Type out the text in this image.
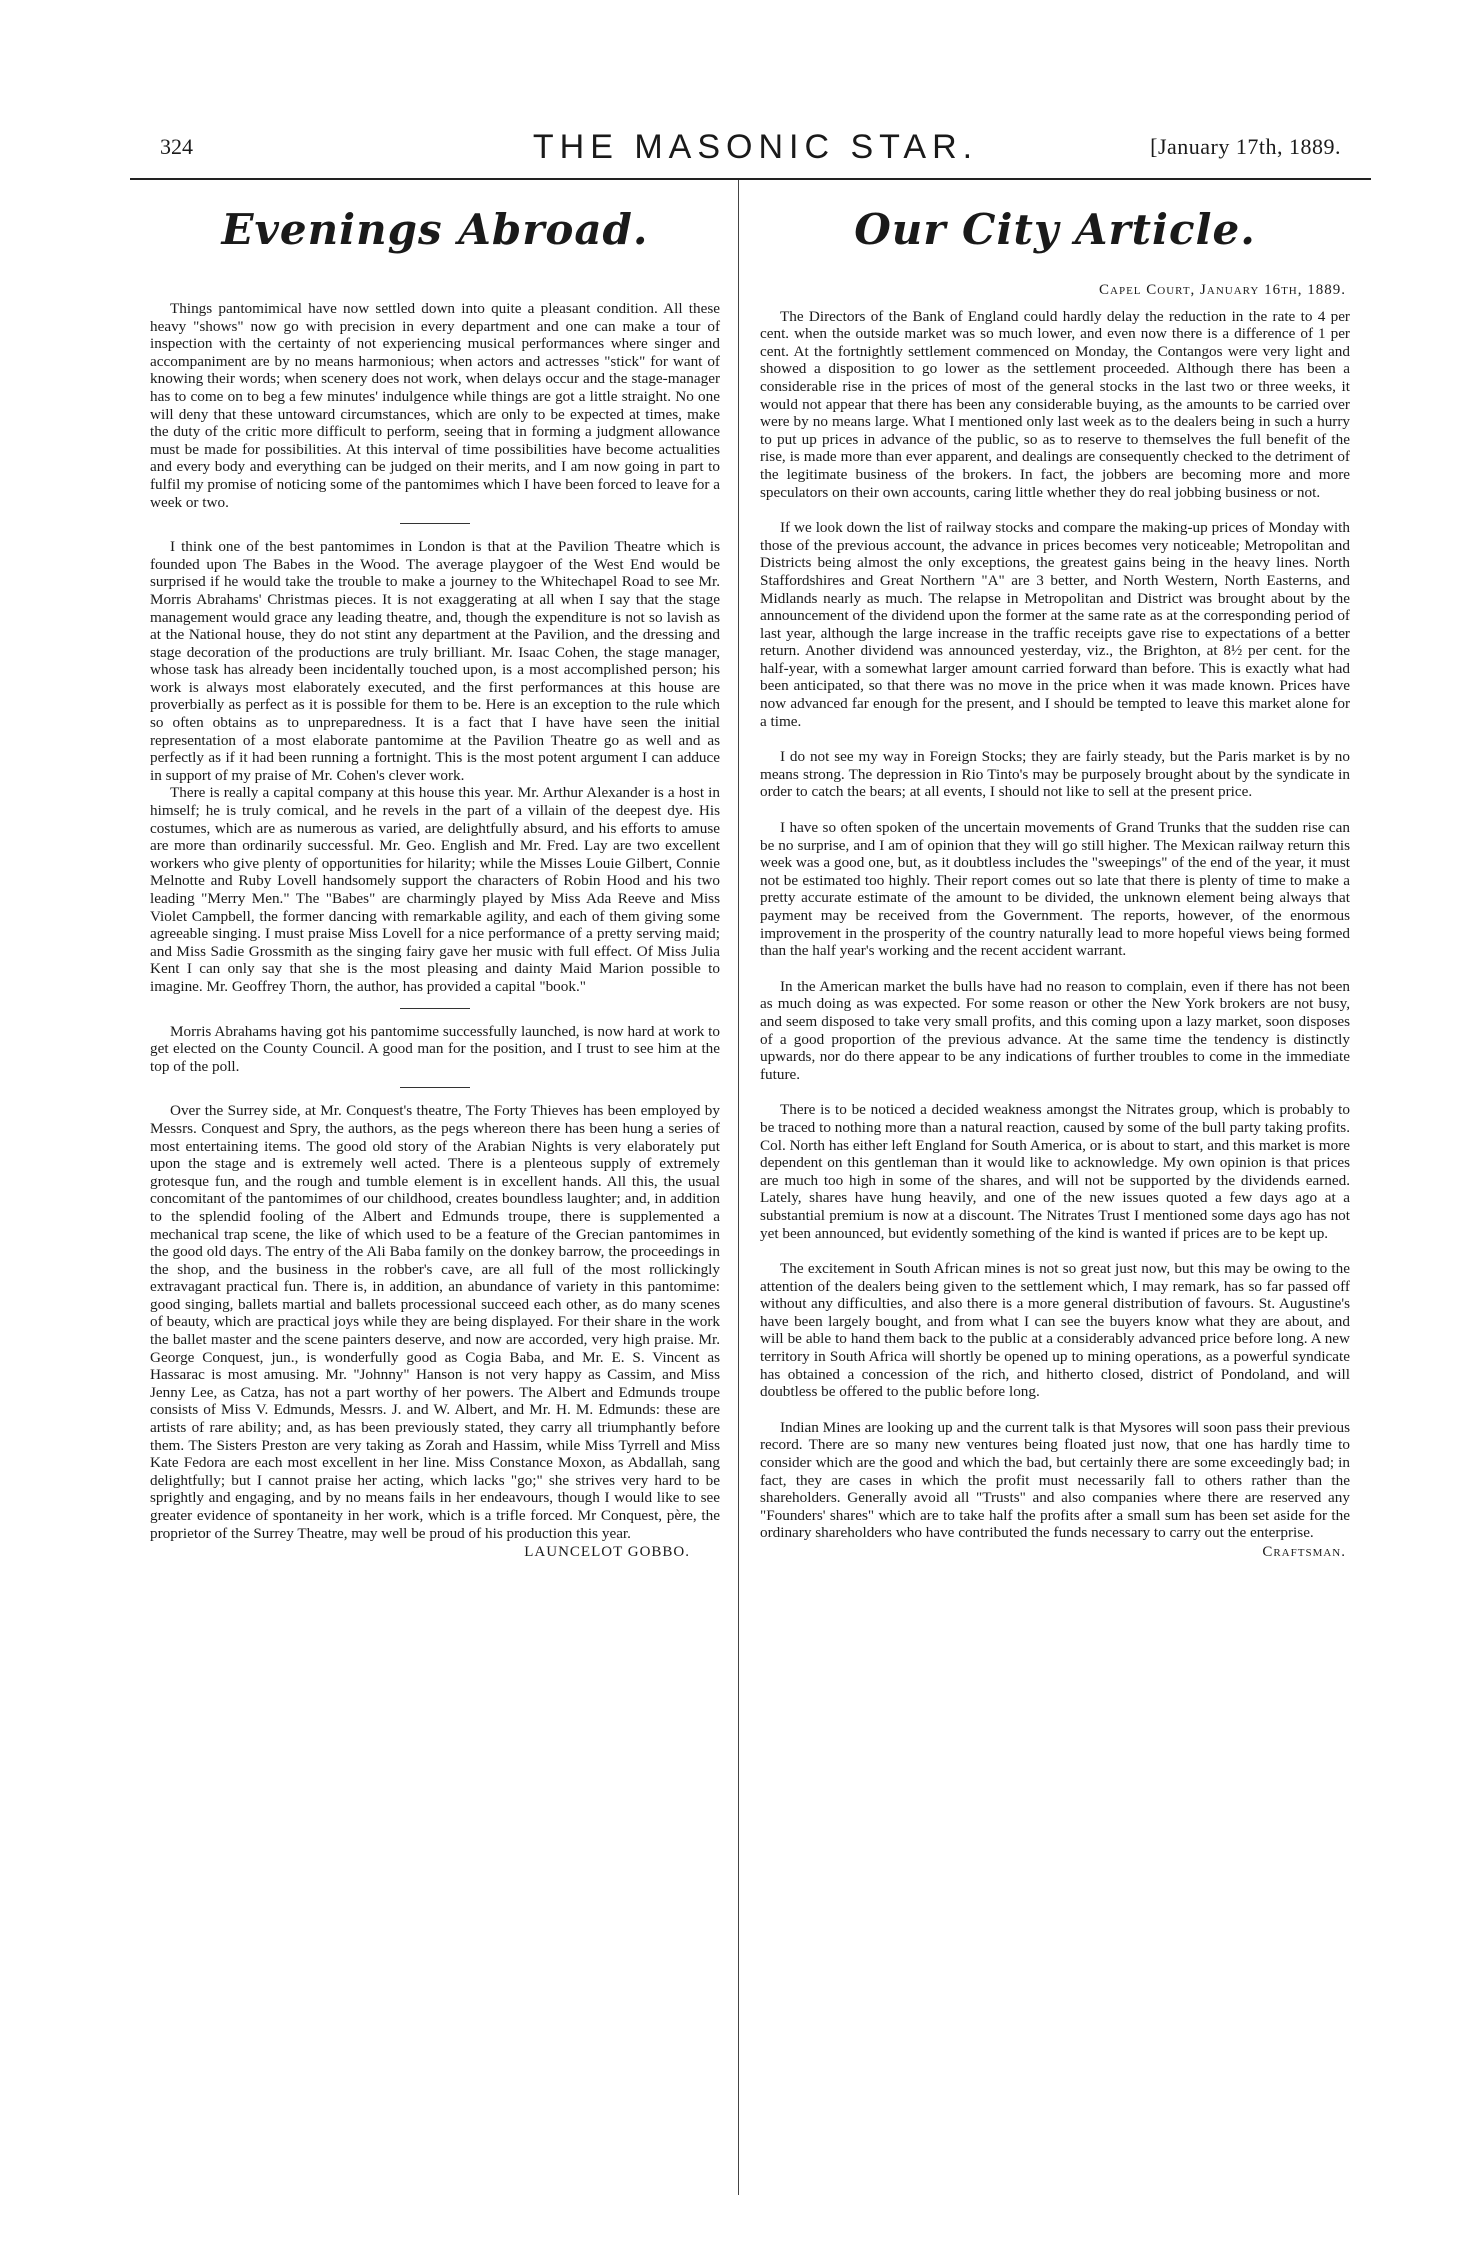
324	THE MASONIC STAR.	[January 17th, 1889.
Evenings Abroad.

Things pantomimical have now settled down into quite a pleasant condition. All these heavy "shows" now go with precision in every department and one can make a tour of inspection with the certainty of not experiencing musical performances where singer and accompaniment are by no means harmonious; when actors and actresses "stick" for want of knowing their words; when scenery does not work, when delays occur and the stage-manager has to come on to beg a few minutes' indulgence while things are got a little straight. No one will deny that these untoward circumstances, which are only to be expected at times, make the duty of the critic more difficult to perform, seeing that in forming a judgment allowance must be made for possibilities. At this interval of time possibilities have become actualities and every body and everything can be judged on their merits, and I am now going in part to fulfil my promise of noticing some of the pantomimes which I have been forced to leave for a week or two.

I think one of the best pantomimes in London is that at the Pavilion Theatre which is founded upon The Babes in the Wood. The average playgoer of the West End would be surprised if he would take the trouble to make a journey to the Whitechapel Road to see Mr. Morris Abrahams' Christmas pieces. It is not exaggerating at all when I say that the stage management would grace any leading theatre, and, though the expenditure is not so lavish as at the National house, they do not stint any department at the Pavilion, and the dressing and stage decoration of the productions are truly brilliant. Mr. Isaac Cohen, the stage manager, whose task has already been incidentally touched upon, is a most accomplished person; his work is always most elaborately executed, and the first performances at this house are proverbially as perfect as it is possible for them to be. Here is an exception to the rule which so often obtains as to unpreparedness. It is a fact that I have have seen the initial representation of a most elaborate pantomime at the Pavilion Theatre go as well and as perfectly as if it had been running a fortnight. This is the most potent argument I can adduce in support of my praise of Mr. Cohen's clever work.

There is really a capital company at this house this year. Mr. Arthur Alexander is a host in himself; he is truly comical, and he revels in the part of a villain of the deepest dye. His costumes, which are as numerous as varied, are delightfully absurd, and his efforts to amuse are more than ordinarily successful. Mr. Geo. English and Mr. Fred. Lay are two excellent workers who give plenty of opportunities for hilarity; while the Misses Louie Gilbert, Connie Melnotte and Ruby Lovell handsomely support the characters of Robin Hood and his two leading "Merry Men." The "Babes" are charmingly played by Miss Ada Reeve and Miss Violet Campbell, the former dancing with remarkable agility, and each of them giving some agreeable singing. I must praise Miss Lovell for a nice performance of a pretty serving maid; and Miss Sadie Grossmith as the singing fairy gave her music with full effect. Of Miss Julia Kent I can only say that she is the most pleasing and dainty Maid Marion possible to imagine. Mr. Geoffrey Thorn, the author, has provided a capital "book."

Morris Abrahams having got his pantomime successfully launched, is now hard at work to get elected on the County Council. A good man for the position, and I trust to see him at the top of the poll.

Over the Surrey side, at Mr. Conquest's theatre, The Forty Thieves has been employed by Messrs. Conquest and Spry, the authors, as the pegs whereon there has been hung a series of most entertaining items. The good old story of the Arabian Nights is very elaborately put upon the stage and is extremely well acted. There is a plenteous supply of extremely grotesque fun, and the rough and tumble element is in excellent hands. All this, the usual concomitant of the pantomimes of our childhood, creates boundless laughter; and, in addition to the splendid fooling of the Albert and Edmunds troupe, there is supplemented a mechanical trap scene, the like of which used to be a feature of the Grecian pantomimes in the good old days. The entry of the Ali Baba family on the donkey barrow, the proceedings in the shop, and the business in the robber's cave, are all full of the most rollickingly extravagant practical fun. There is, in addition, an abundance of variety in this pantomime: good singing, ballets martial and ballets processional succeed each other, as do many scenes of beauty, which are practical joys while they are being displayed. For their share in the work the ballet master and the scene painters deserve, and now are accorded, very high praise. Mr. George Conquest, jun., is wonderfully good as Cogia Baba, and Mr. E. S. Vincent as Hassarac is most amusing. Mr. "Johnny" Hanson is not very happy as Cassim, and Miss Jenny Lee, as Catza, has not a part worthy of her powers. The Albert and Edmunds troupe consists of Miss V. Edmunds, Messrs. J. and W. Albert, and Mr. H. M. Edmunds: these are artists of rare ability; and, as has been previously stated, they carry all triumphantly before them. The Sisters Preston are very taking as Zorah and Hassim, while Miss Tyrrell and Miss Kate Fedora are each most excellent in her line. Miss Constance Moxon, as Abdallah, sang delightfully; but I cannot praise her acting, which lacks "go;" she strives very hard to be sprightly and engaging, and by no means fails in her endeavours, though I would like to see greater evidence of spontaneity in her work, which is a trifle forced. Mr Conquest, père, the proprietor of the Surrey Theatre, may well be proud of his production this year.

LAUNCELOT GOBBO.
Our City Article.
Capel Court, January 16th, 1889.

The Directors of the Bank of England could hardly delay the reduction in the rate to 4 per cent. when the outside market was so much lower, and even now there is a difference of 1 per cent. At the fortnightly settlement commenced on Monday, the Contangos were very light and showed a disposition to go lower as the settlement proceeded. Although there has been a considerable rise in the prices of most of the general stocks in the last two or three weeks, it would not appear that there has been any considerable buying, as the amounts to be carried over were by no means large. What I mentioned only last week as to the dealers being in such a hurry to put up prices in advance of the public, so as to reserve to themselves the full benefit of the rise, is made more than ever apparent, and dealings are consequently checked to the detriment of the legitimate business of the brokers. In fact, the jobbers are becoming more and more speculators on their own accounts, caring little whether they do real jobbing business or not.

If we look down the list of railway stocks and compare the making-up prices of Monday with those of the previous account, the advance in prices becomes very noticeable; Metropolitan and Districts being almost the only exceptions, the greatest gains being in the heavy lines. North Staffordshires and Great Northern "A" are 3 better, and North Western, North Easterns, and Midlands nearly as much. The relapse in Metropolitan and District was brought about by the announcement of the dividend upon the former at the same rate as at the corresponding period of last year, although the large increase in the traffic receipts gave rise to expectations of a better return. Another dividend was announced yesterday, viz., the Brighton, at 8½ per cent. for the half-year, with a somewhat larger amount carried forward than before. This is exactly what had been anticipated, so that there was no move in the price when it was made known. Prices have now advanced far enough for the present, and I should be tempted to leave this market alone for a time.

I do not see my way in Foreign Stocks; they are fairly steady, but the Paris market is by no means strong. The depression in Rio Tinto's may be purposely brought about by the syndicate in order to catch the bears; at all events, I should not like to sell at the present price.

I have so often spoken of the uncertain movements of Grand Trunks that the sudden rise can be no surprise, and I am of opinion that they will go still higher. The Mexican railway return this week was a good one, but, as it doubtless includes the "sweepings" of the end of the year, it must not be estimated too highly. Their report comes out so late that there is plenty of time to make a pretty accurate estimate of the amount to be divided, the unknown element being always that payment may be received from the Government. The reports, however, of the enormous improvement in the prosperity of the country naturally lead to more hopeful views being formed than the half year's working and the recent accident warrant.

In the American market the bulls have had no reason to complain, even if there has not been as much doing as was expected. For some reason or other the New York brokers are not busy, and seem disposed to take very small profits, and this coming upon a lazy market, soon disposes of a good proportion of the previous advance. At the same time the tendency is distinctly upwards, nor do there appear to be any indications of further troubles to come in the immediate future.

There is to be noticed a decided weakness amongst the Nitrates group, which is probably to be traced to nothing more than a natural reaction, caused by some of the bull party taking profits. Col. North has either left England for South America, or is about to start, and this market is more dependent on this gentleman than it would like to acknowledge. My own opinion is that prices are much too high in some of the shares, and will not be supported by the dividends earned. Lately, shares have hung heavily, and one of the new issues quoted a few days ago at a substantial premium is now at a discount. The Nitrates Trust I mentioned some days ago has not yet been announced, but evidently something of the kind is wanted if prices are to be kept up.

The excitement in South African mines is not so great just now, but this may be owing to the attention of the dealers being given to the settlement which, I may remark, has so far passed off without any difficulties, and also there is a more general distribution of favours. St. Augustine's have been largely bought, and from what I can see the buyers know what they are about, and will be able to hand them back to the public at a considerably advanced price before long. A new territory in South Africa will shortly be opened up to mining operations, as a powerful syndicate has obtained a concession of the rich, and hitherto closed, district of Pondoland, and will doubtless be offered to the public before long.

Indian Mines are looking up and the current talk is that Mysores will soon pass their previous record. There are so many new ventures being floated just now, that one has hardly time to consider which are the good and which the bad, but certainly there are some exceedingly bad; in fact, they are cases in which the profit must necessarily fall to others rather than the shareholders. Generally avoid all "Trusts" and also companies where there are reserved any "Founders' shares" which are to take half the profits after a small sum has been set aside for the ordinary shareholders who have contributed the funds necessary to carry out the enterprise.

Craftsman.
